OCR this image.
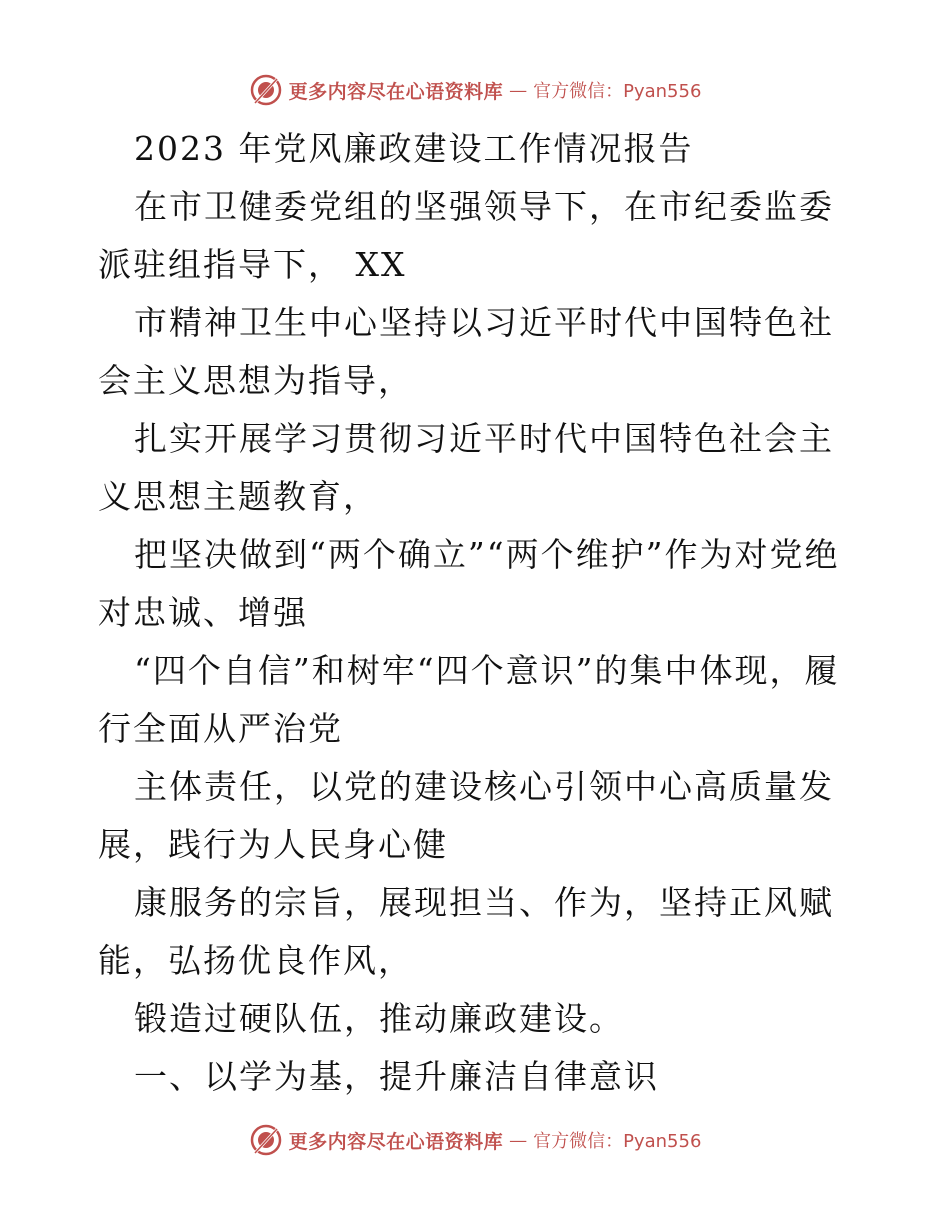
更多内容尽在心语资料库 — 官方微信：Pyan556

2023 年党风廉政建设工作情况报告

在市卫健委党组的坚强领导下，在市纪委监委派驻组指导下， XX

市精神卫生中心坚持以习近平时代中国特色社会主义思想为指导，

扎实开展学习贯彻习近平时代中国特色社会主义思想主题教育，

把坚决做到“两个确立”“两个维护”作为对党绝对忠诚、增强

“四个自信”和树牢“四个意识”的集中体现，履行全面从严治党

主体责任，以党的建设核心引领中心高质量发展，践行为人民身心健

康服务的宗旨，展现担当、作为，坚持正风赋能，弘扬优良作风，

锻造过硬队伍，推动廉政建设。

一、以学为基，提升廉洁自律意识

更多内容尽在心语资料库 — 官方微信：Pyan556
